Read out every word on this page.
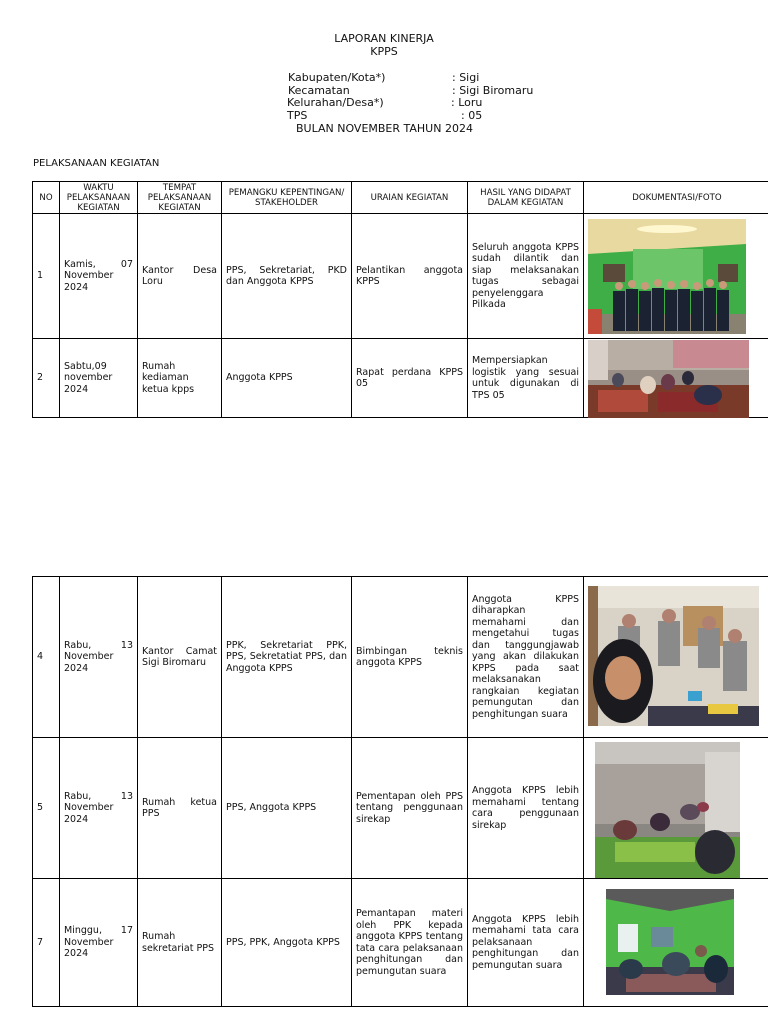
LAPORAN KINERJA
KPPS
Kabupaten/Kota*)	: Sigi
Kecamatan	: Sigi Biromaru
Kelurahan/Desa*)	: Loru
TPS	: 05
BULAN NOVEMBER TAHUN 2024
PELAKSANAAN KEGIATAN
NO	WAKTU PELAKSANAAN KEGIATAN	TEMPAT PELAKSANAAN KEGIATAN	PEMANGKU KEPENTINGAN/ STAKEHOLDER	URAIAN KEGIATAN	HASIL YANG DIDAPAT DALAM KEGIATAN	DOKUMENTASI/FOTO
1	Kamis, 07 November 2024	Kantor Desa Loru	PPS, Sekretariat, PKD dan Anggota KPPS	Pelantikan anggota KPPS	Seluruh anggota KPPS sudah dilantik dan siap melaksanakan tugas sebagai penyelenggara Pilkada	

2	Sabtu,09 november 2024	Rumah kediaman ketua kpps	Anggota KPPS	Rapat perdana KPPS 05	Mempersiapkan logistik yang sesuai untuk digunakan di TPS 05	
4	Rabu, 13 November 2024	Kantor Camat Sigi Biromaru	PPK, Sekretariat PPK, PPS, Sekretatiat PPS, dan Anggota KPPS	Bimbingan teknis anggota KPPS	Anggota KPPS diharapkan memahami dan mengetahui tugas dan tanggungjawab yang akan dilakukan KPPS pada saat melaksanakan rangkaian kegiatan pemungutan dan penghitungan suara	

5	Rabu, 13 November 2024	Rumah ketua PPS	PPS, Anggota KPPS	Pementapan oleh PPS tentang penggunaan sirekap	Anggota KPPS lebih memahami tentang cara penggunaan sirekap	

7	Minggu, 17 November 2024	Rumah sekretariat PPS	PPS, PPK, Anggota KPPS	Pemantapan materi oleh PPK kepada anggota KPPS tentang tata cara pelaksanaan penghitungan dan pemungutan suara	Anggota KPPS lebih memahami tata cara pelaksanaan penghitungan dan pemungutan suara	
